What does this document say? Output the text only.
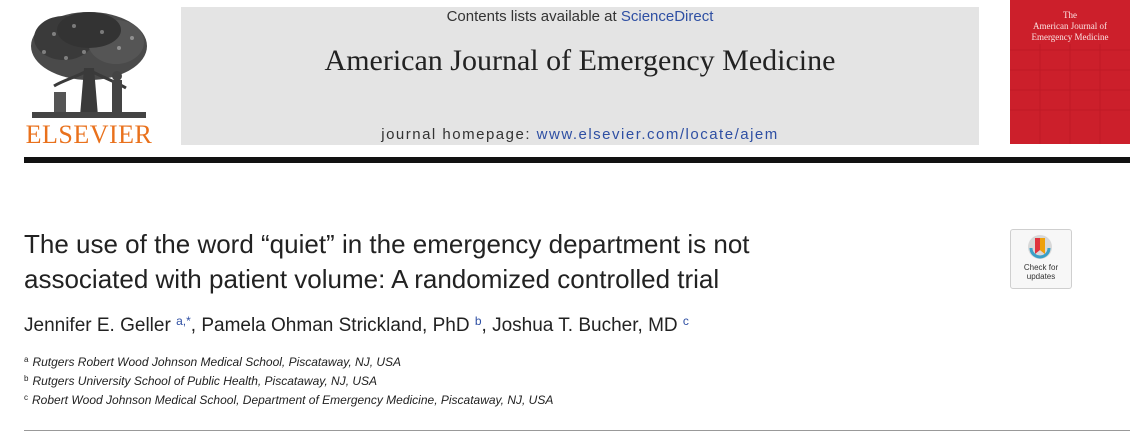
ELSEVIER
Contents lists available at ScienceDirect
American Journal of Emergency Medicine
journal homepage: www.elsevier.com/locate/ajem
The
American Journal of
Emergency Medicine
The use of the word “quiet” in the emergency department is not
associated with patient volume: A randomized controlled trial
Jennifer E. Geller $^{a,*}$, Pamela Ohman Strickland, PhD $^b$, Joshua T. Bucher, MD $^c$
$^a$ Rutgers Robert Wood Johnson Medical School, Piscataway, NJ, USA
$^b$ Rutgers University School of Public Health, Piscataway, NJ, USA
$^c$ Robert Wood Johnson Medical School, Department of Emergency Medicine, Piscataway, NJ, USA
Check for
updates
